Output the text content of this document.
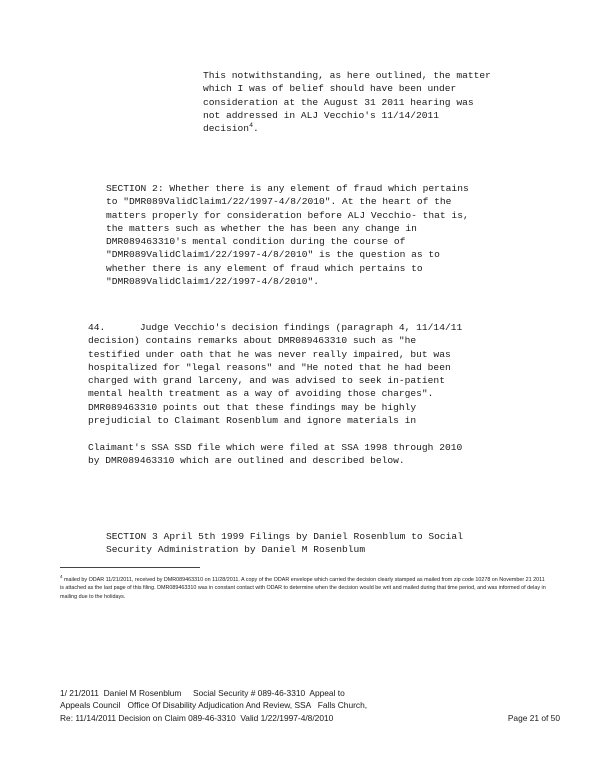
This notwithstanding, as here outlined, the matter
which I was of belief should have been under
consideration at the August 31 2011 hearing was
not addressed in ALJ Vecchio's 11/14/2011
decision$^4$.
SECTION 2: Whether there is any element of fraud which pertains
to "DMR089ValidClaim1/22/1997-4/8/2010". At the heart of the
matters properly for consideration before ALJ Vecchio- that is,
the matters such as whether the has been any change in
DMR089463310's mental condition during the course of
"DMR089ValidClaim1/22/1997-4/8/2010" is the question as to
whether there is any element of fraud which pertains to
"DMR089ValidClaim1/22/1997-4/8/2010".
44.      Judge Vecchio's decision findings (paragraph 4, 11/14/11
decision) contains remarks about DMR089463310 such as "he
testified under oath that he was never really impaired, but was
hospitalized for "legal reasons" and "He noted that he had been
charged with grand larceny, and was advised to seek in-patient
mental health treatment as a way of avoiding those charges".
DMR089463310 points out that these findings may be highly
prejudicial to Claimant Rosenblum and ignore materials in
Claimant's SSA SSD file which were filed at SSA 1998 through 2010
by DMR089463310 which are outlined and described below.
SECTION 3 April 5th 1999 Filings by Daniel Rosenblum to Social
Security Administration by Daniel M Rosenblum
$^4$ mailed by ODAR 11/21/2011, received by DMR089463310 on 11/28/2011. A copy of the ODAR envelope which carried the decision clearly stamped as mailed from zip code 10278 on November 21 2011 is attached as the last page of this filing. DMR089463310 was in constant contact with ODAR to determine when the decision would be writ and mailed during that time period, and was informed of delay in mailing due to the holidays.
1/ 21/2011  Daniel M Rosenblum     Social Security # 089-46-3310  Appeal to
Appeals Council   Office Of Disability Adjudication And Review, SSA   Falls Church,
Re: 11/14/2011 Decision on Claim 089-46-3310  Valid 1/22/1997-4/8/2010	Page 21 of 50
